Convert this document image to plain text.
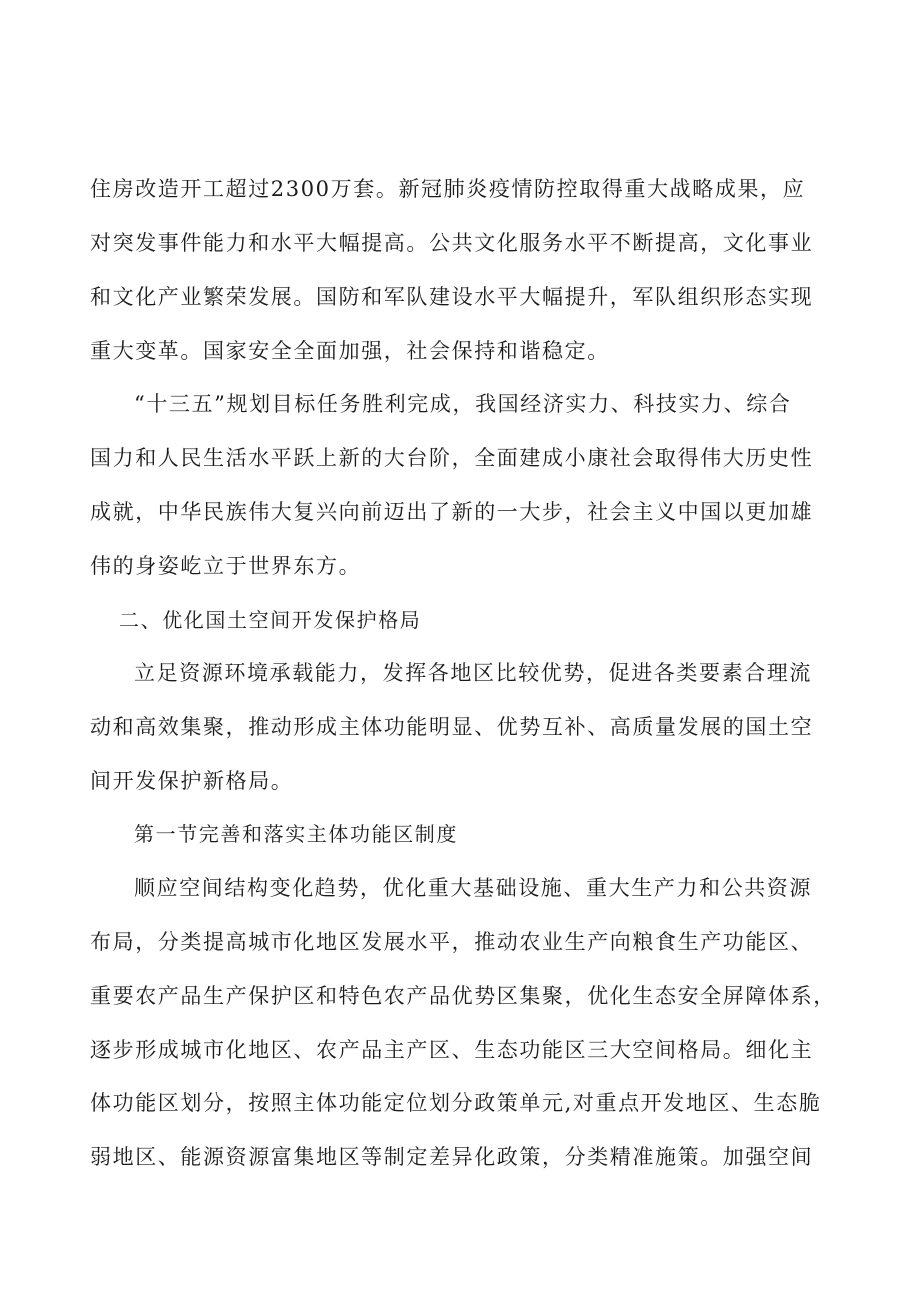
住房改造开工超过2300万套。新冠肺炎疫情防控取得重大战略成果，应
对突发事件能力和水平大幅提高。公共文化服务水平不断提高，文化事业
和文化产业繁荣发展。国防和军队建设水平大幅提升，军队组织形态实现
重大变革。国家安全全面加强，社会保持和谐稳定。
“十三五”规划目标任务胜利完成，我国经济实力、科技实力、综合
国力和人民生活水平跃上新的大台阶，全面建成小康社会取得伟大历史性
成就，中华民族伟大复兴向前迈出了新的一大步，社会主义中国以更加雄
伟的身姿屹立于世界东方。
二、优化国土空间开发保护格局
立足资源环境承载能力，发挥各地区比较优势，促进各类要素合理流
动和高效集聚，推动形成主体功能明显、优势互补、高质量发展的国土空
间开发保护新格局。
第一节完善和落实主体功能区制度
顺应空间结构变化趋势，优化重大基础设施、重大生产力和公共资源
布局，分类提高城市化地区发展水平，推动农业生产向粮食生产功能区、
重要农产品生产保护区和特色农产品优势区集聚，优化生态安全屏障体系，
逐步形成城市化地区、农产品主产区、生态功能区三大空间格局。细化主
体功能区划分，按照主体功能定位划分政策单元,对重点开发地区、生态脆
弱地区、能源资源富集地区等制定差异化政策，分类精准施策。加强空间
